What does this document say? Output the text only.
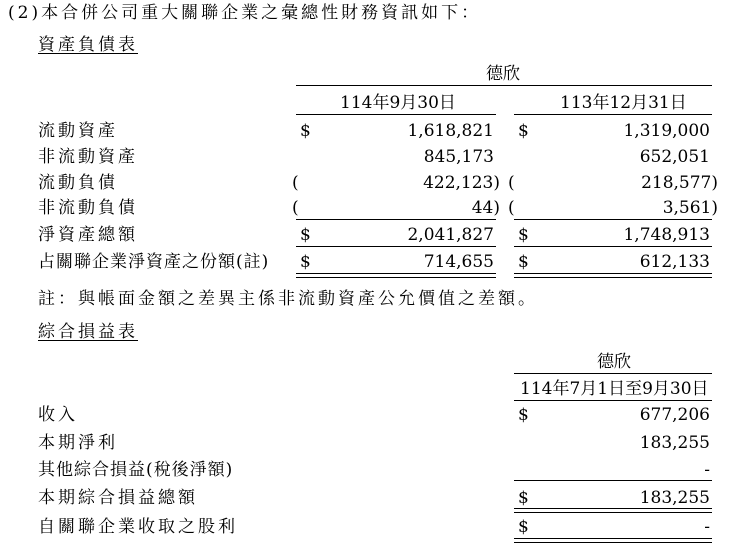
(2)本合併公司重大關聯企業之彙總性財務資訊如下：
資產負債表
德欣
114年9月30日	113年12月31日
流動資產	$	1,618,821 $	1,319,000
非流動資產	845,173	652,051
流動負債	(	422,123) (	218,577)
非流動負債	(	44) (	3,561)
淨資產總額	$	2,041,827 $	1,748,913
占關聯企業淨資產之份額(註) $	714,655 $	612,133
註：與帳面金額之差異主係非流動資產公允價值之差額。
綜合損益表
德欣
114年7月1日至9月30日
收入	$	677,206
本期淨利	183,255
其他綜合損益(稅後淨額)	-
本期綜合損益總額	$	183,255
自關聯企業收取之股利	$	-
